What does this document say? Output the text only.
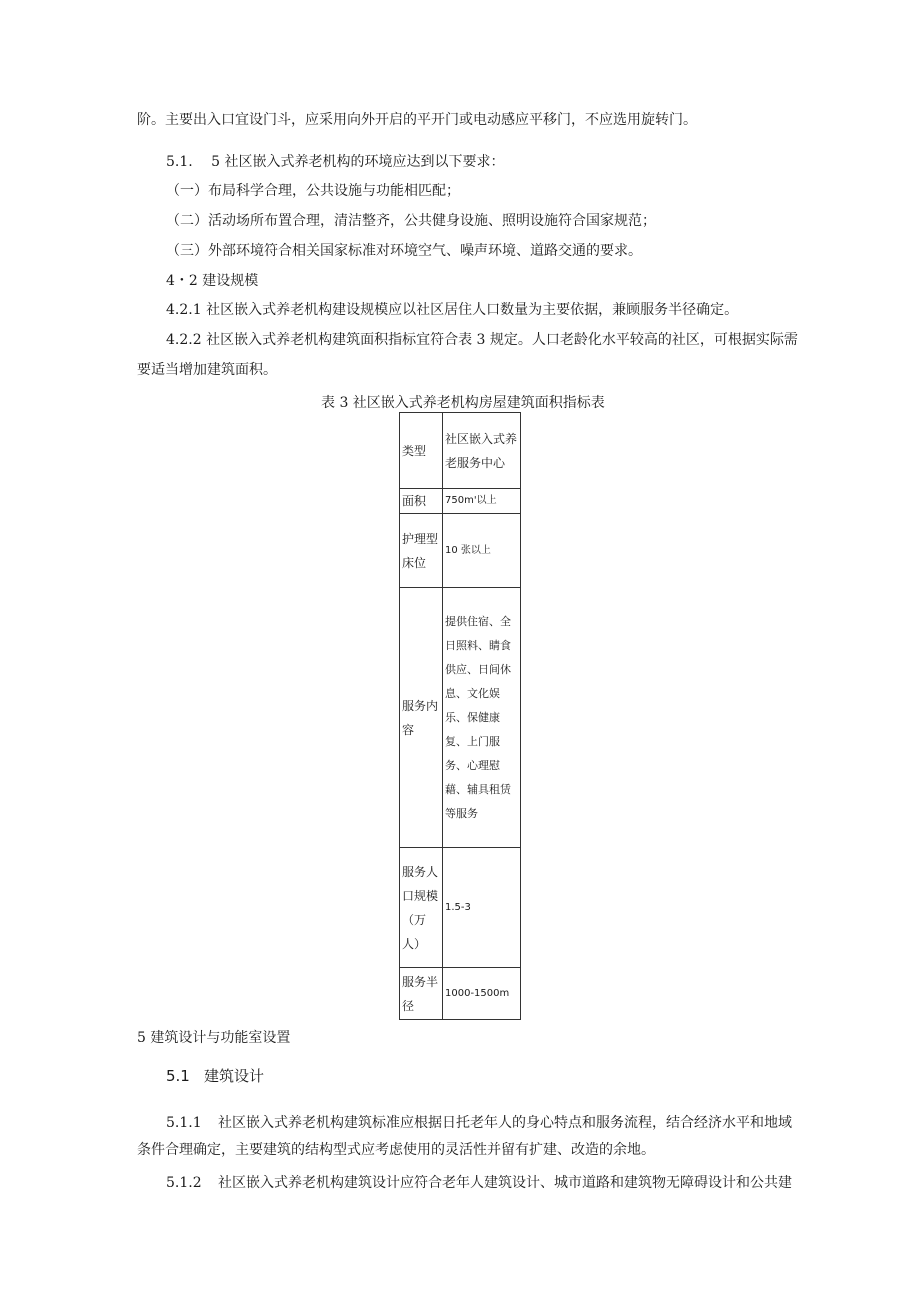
阶。主要出入口宜设门斗，应采用向外开启的平开门或电动感应平移门，不应选用旋转门。
5.1.　 5 社区嵌入式养老机构的环境应达到以下要求：
（一）布局科学合理，公共设施与功能相匹配；
（二）活动场所布置合理，清洁整齐，公共健身设施、照明设施符合国家规范；
（三）外部环境符合相关国家标准对环境空气、噪声环境、道路交通的要求。
4・2 建设规模
4.2.1 社区嵌入式养老机构建设规模应以社区居住人口数量为主要依据，兼顾服务半径确定。
4.2.2 社区嵌入式养老机构建筑面积指标宜符合表 3 规定。人口老龄化水平较高的社区，可根据实际需
要适当增加建筑面积。
表 3 社区嵌入式养老机构房屋建筑面积指标表
类型	社区嵌入式养老服务中心
面积	750m'以上
护理型床位	10 张以上
服务内容	提供住宿、全日照料、睛食供应、日间休息、文化娱乐、保健康复、上门服务、心理慰藉、辅具租赁等服务
服务人口规模（万人）	1.5-3
服务半径	1000-1500m
5 建筑设计与功能室设置
5.1 建筑设计
5.1.1 社区嵌入式养老机构建筑标准应根据日托老年人的身心特点和服务流程，结合经济水平和地域
条件合理确定，主要建筑的结构型式应考虑使用的灵活性并留有扩建、改造的余地。
5.1.2 社区嵌入式养老机构建筑设计应符合老年人建筑设计、城市道路和建筑物无障碍设计和公共建
